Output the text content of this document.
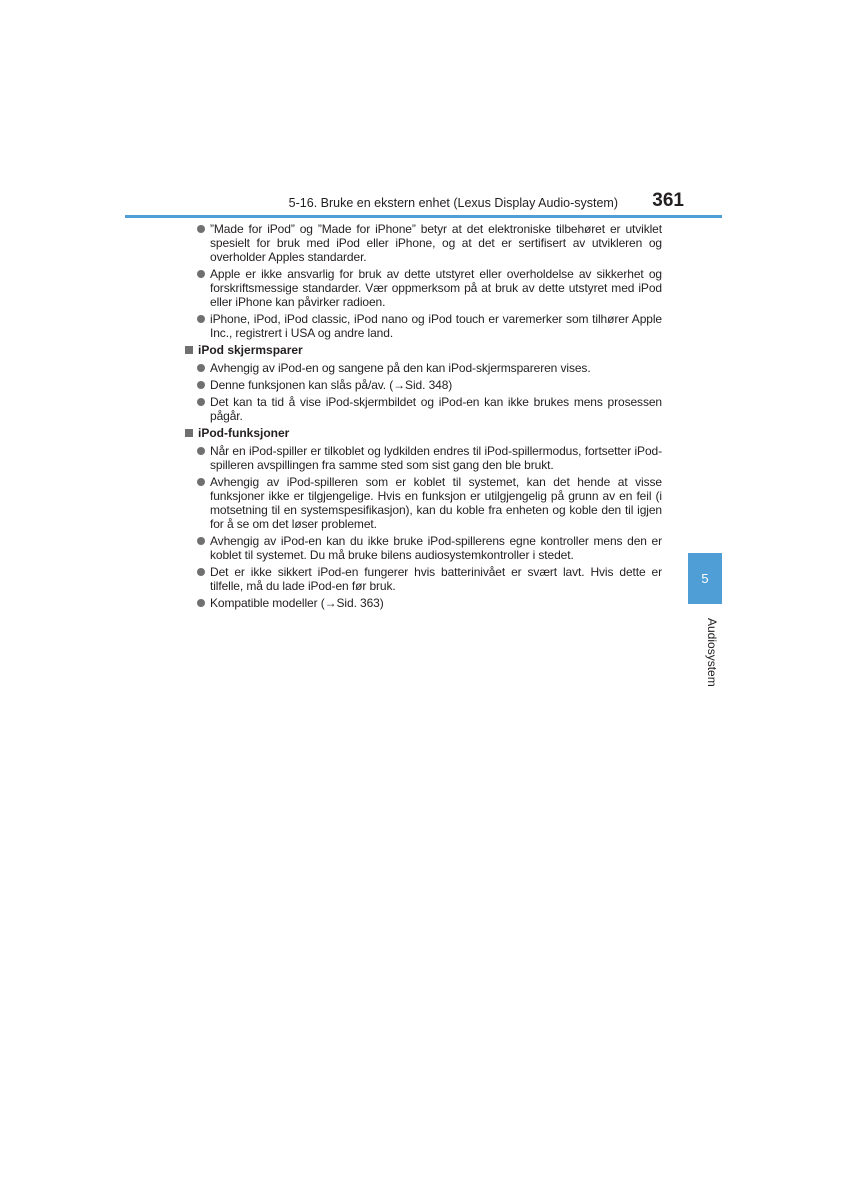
5-16. Bruke en ekstern enhet (Lexus Display Audio-system) 361
”Made for iPod” og ”Made for iPhone” betyr at det elektroniske tilbehøret er utviklet spesielt for bruk med iPod eller iPhone, og at det er sertifisert av utvikleren og overholder Apples standarder.
Apple er ikke ansvarlig for bruk av dette utstyret eller overholdelse av sikkerhet og forskriftsmessige standarder. Vær oppmerksom på at bruk av dette utstyret med iPod eller iPhone kan påvirker radioen.
iPhone, iPod, iPod classic, iPod nano og iPod touch er varemerker som tilhører Apple Inc., registrert i USA og andre land.
iPod skjermsparer
Avhengig av iPod-en og sangene på den kan iPod-skjermspareren vises.
Denne funksjonen kan slås på/av. (→Sid. 348)
Det kan ta tid å vise iPod-skjermbildet og iPod-en kan ikke brukes mens prosessen pågår.
iPod-funksjoner
Når en iPod-spiller er tilkoblet og lydkilden endres til iPod-spillermodus, fortsetter iPod-spilleren avspillingen fra samme sted som sist gang den ble brukt.
Avhengig av iPod-spilleren som er koblet til systemet, kan det hende at visse funksjoner ikke er tilgjengelige. Hvis en funksjon er utilgjengelig på grunn av en feil (i motsetning til en systemspesifikasjon), kan du koble fra enheten og koble den til igjen for å se om det løser problemet.
Avhengig av iPod-en kan du ikke bruke iPod-spillerens egne kontroller mens den er koblet til systemet. Du må bruke bilens audiosystemkontroller i stedet.
Det er ikke sikkert iPod-en fungerer hvis batterinivået er svært lavt. Hvis dette er tilfelle, må du lade iPod-en før bruk.
Kompatible modeller (→Sid. 363)
5
Audiosystem
